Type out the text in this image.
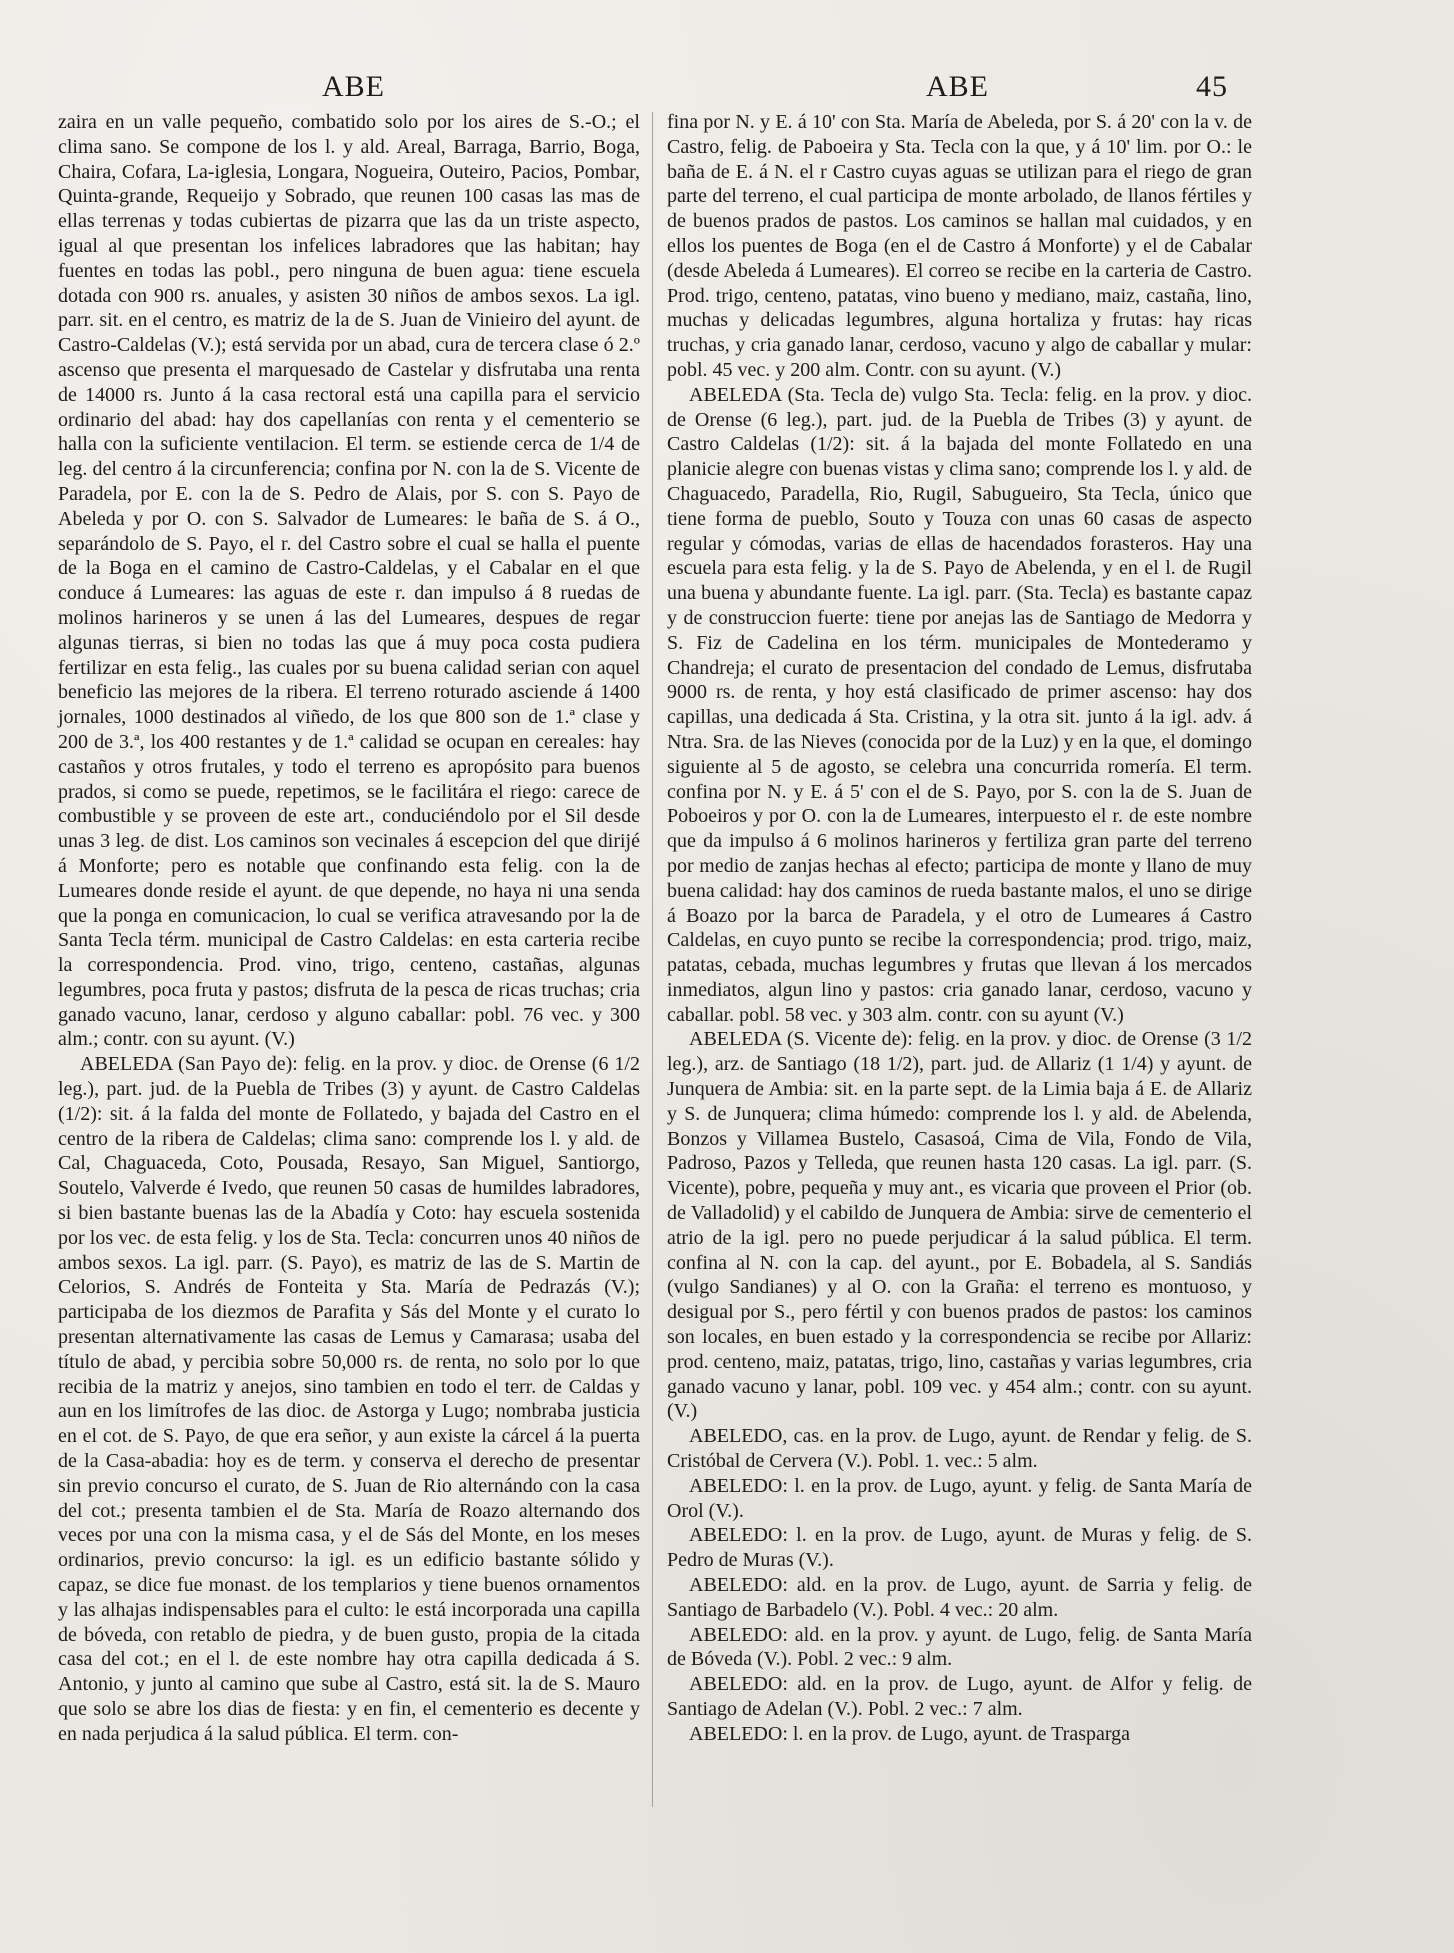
ABE	ABE	45

zaira en un valle pequeño, combatido solo por los aires de S.-O.; el clima sano. Se compone de los l. y ald. Areal, Barraga, Barrio, Boga, Chaira, Cofara, La-iglesia, Longara, Nogueira, Outeiro, Pacios, Pombar, Quinta-grande, Requeijo y Sobrado, que reunen 100 casas las mas de ellas terrenas y todas cubiertas de pizarra que las da un triste aspecto, igual al que presentan los infelices labradores que las habitan; hay fuentes en todas las pobl., pero ninguna de buen agua: tiene escuela dotada con 900 rs. anuales, y asisten 30 niños de ambos sexos. La igl. parr. sit. en el centro, es matriz de la de S. Juan de Vinieiro del ayunt. de Castro-Caldelas (V.); está servida por un abad, cura de tercera clase ó 2.º ascenso que presenta el marquesado de Castelar y disfrutaba una renta de 14000 rs. Junto á la casa rectoral está una capilla para el servicio ordinario del abad: hay dos capellanías con renta y el cementerio se halla con la suficiente ventilacion. El term. se estiende cerca de 1/4 de leg. del centro á la circunferencia; confina por N. con la de S. Vicente de Paradela, por E. con la de S. Pedro de Alais, por S. con S. Payo de Abeleda y por O. con S. Salvador de Lumeares: le baña de S. á O., separándolo de S. Payo, el r. del Castro sobre el cual se halla el puente de la Boga en el camino de Castro-Caldelas, y el Cabalar en el que conduce á Lumeares: las aguas de este r. dan impulso á 8 ruedas de molinos harineros y se unen á las del Lumeares, despues de regar algunas tierras, si bien no todas las que á muy poca costa pudiera fertilizar en esta felig., las cuales por su buena calidad serian con aquel beneficio las mejores de la ribera. El terreno roturado asciende á 1400 jornales, 1000 destinados al viñedo, de los que 800 son de 1.ª clase y 200 de 3.ª, los 400 restantes y de 1.ª calidad se ocupan en cereales: hay castaños y otros frutales, y todo el terreno es apropósito para buenos prados, si como se puede, repetimos, se le facilitára el riego: carece de combustible y se proveen de este art., conduciéndolo por el Sil desde unas 3 leg. de dist. Los caminos son vecinales á escepcion del que dirijé á Monforte; pero es notable que confinando esta felig. con la de Lumeares donde reside el ayunt. de que depende, no haya ni una senda que la ponga en comunicacion, lo cual se verifica atravesando por la de Santa Tecla térm. municipal de Castro Caldelas: en esta carteria recibe la correspondencia. Prod. vino, trigo, centeno, castañas, algunas legumbres, poca fruta y pastos; disfruta de la pesca de ricas truchas; cria ganado vacuno, lanar, cerdoso y alguno caballar: pobl. 76 vec. y 300 alm.; contr. con su ayunt. (V.)

ABELEDA (San Payo de): felig. en la prov. y dioc. de Orense (6 1/2 leg.), part. jud. de la Puebla de Tribes (3) y ayunt. de Castro Caldelas (1/2): sit. á la falda del monte de Follatedo, y bajada del Castro en el centro de la ribera de Caldelas; clima sano: comprende los l. y ald. de Cal, Chaguaceda, Coto, Pousada, Resayo, San Miguel, Santiorgo, Soutelo, Valverde é Ivedo, que reunen 50 casas de humildes labradores, si bien bastante buenas las de la Abadía y Coto: hay escuela sostenida por los vec. de esta felig. y los de Sta. Tecla: concurren unos 40 niños de ambos sexos. La igl. parr. (S. Payo), es matriz de las de S. Martin de Celorios, S. Andrés de Fonteita y Sta. María de Pedrazás (V.); participaba de los diezmos de Parafita y Sás del Monte y el curato lo presentan alternativamente las casas de Lemus y Camarasa; usaba del título de abad, y percibia sobre 50,000 rs. de renta, no solo por lo que recibia de la matriz y anejos, sino tambien en todo el terr. de Caldas y aun en los limítrofes de las dioc. de Astorga y Lugo; nombraba justicia en el cot. de S. Payo, de que era señor, y aun existe la cárcel á la puerta de la Casa-abadia: hoy es de term. y conserva el derecho de presentar sin previo concurso el curato, de S. Juan de Rio alternándo con la casa del cot.; presenta tambien el de Sta. María de Roazo alternando dos veces por una con la misma casa, y el de Sás del Monte, en los meses ordinarios, previo concurso: la igl. es un edificio bastante sólido y capaz, se dice fue monast. de los templarios y tiene buenos ornamentos y las alhajas indispensables para el culto: le está incorporada una capilla de bóveda, con retablo de piedra, y de buen gusto, propia de la citada casa del cot.; en el l. de este nombre hay otra capilla dedicada á S. Antonio, y junto al camino que sube al Castro, está sit. la de S. Mauro que solo se abre los dias de fiesta: y en fin, el cementerio es decente y en nada perjudica á la salud pública. El term. con-

fina por N. y E. á 10' con Sta. María de Abeleda, por S. á 20' con la v. de Castro, felig. de Paboeira y Sta. Tecla con la que, y á 10' lim. por O.: le baña de E. á N. el r Castro cuyas aguas se utilizan para el riego de gran parte del terreno, el cual participa de monte arbolado, de llanos fértiles y de buenos prados de pastos. Los caminos se hallan mal cuidados, y en ellos los puentes de Boga (en el de Castro á Monforte) y el de Cabalar (desde Abeleda á Lumeares). El correo se recibe en la carteria de Castro. Prod. trigo, centeno, patatas, vino bueno y mediano, maiz, castaña, lino, muchas y delicadas legumbres, alguna hortaliza y frutas: hay ricas truchas, y cria ganado lanar, cerdoso, vacuno y algo de caballar y mular: pobl. 45 vec. y 200 alm. Contr. con su ayunt. (V.)

ABELEDA (Sta. Tecla de) vulgo Sta. Tecla: felig. en la prov. y dioc. de Orense (6 leg.), part. jud. de la Puebla de Tribes (3) y ayunt. de Castro Caldelas (1/2): sit. á la bajada del monte Follatedo en una planicie alegre con buenas vistas y clima sano; comprende los l. y ald. de Chaguacedo, Paradella, Rio, Rugil, Sabugueiro, Sta Tecla, único que tiene forma de pueblo, Souto y Touza con unas 60 casas de aspecto regular y cómodas, varias de ellas de hacendados forasteros. Hay una escuela para esta felig. y la de S. Payo de Abelenda, y en el l. de Rugil una buena y abundante fuente. La igl. parr. (Sta. Tecla) es bastante capaz y de construccion fuerte: tiene por anejas las de Santiago de Medorra y S. Fiz de Cadelina en los térm. municipales de Montederamo y Chandreja; el curato de presentacion del condado de Lemus, disfrutaba 9000 rs. de renta, y hoy está clasificado de primer ascenso: hay dos capillas, una dedicada á Sta. Cristina, y la otra sit. junto á la igl. adv. á Ntra. Sra. de las Nieves (conocida por de la Luz) y en la que, el domingo siguiente al 5 de agosto, se celebra una concurrida romería. El term. confina por N. y E. á 5' con el de S. Payo, por S. con la de S. Juan de Poboeiros y por O. con la de Lumeares, interpuesto el r. de este nombre que da impulso á 6 molinos harineros y fertiliza gran parte del terreno por medio de zanjas hechas al efecto; participa de monte y llano de muy buena calidad: hay dos caminos de rueda bastante malos, el uno se dirige á Boazo por la barca de Paradela, y el otro de Lumeares á Castro Caldelas, en cuyo punto se recibe la correspondencia; prod. trigo, maiz, patatas, cebada, muchas legumbres y frutas que llevan á los mercados inmediatos, algun lino y pastos: cria ganado lanar, cerdoso, vacuno y caballar. pobl. 58 vec. y 303 alm. contr. con su ayunt (V.)

ABELEDA (S. Vicente de): felig. en la prov. y dioc. de Orense (3 1/2 leg.), arz. de Santiago (18 1/2), part. jud. de Allariz (1 1/4) y ayunt. de Junquera de Ambia: sit. en la parte sept. de la Limia baja á E. de Allariz y S. de Junquera; clima húmedo: comprende los l. y ald. de Abelenda, Bonzos y Villamea Bustelo, Casasoá, Cima de Vila, Fondo de Vila, Padroso, Pazos y Telleda, que reunen hasta 120 casas. La igl. parr. (S. Vicente), pobre, pequeña y muy ant., es vicaria que proveen el Prior (ob. de Valladolid) y el cabildo de Junquera de Ambia: sirve de cementerio el atrio de la igl. pero no puede perjudicar á la salud pública. El term. confina al N. con la cap. del ayunt., por E. Bobadela, al S. Sandiás (vulgo Sandianes) y al O. con la Graña: el terreno es montuoso, y desigual por S., pero fértil y con buenos prados de pastos: los caminos son locales, en buen estado y la correspondencia se recibe por Allariz: prod. centeno, maiz, patatas, trigo, lino, castañas y varias legumbres, cria ganado vacuno y lanar, pobl. 109 vec. y 454 alm.; contr. con su ayunt. (V.)

ABELEDO, cas. en la prov. de Lugo, ayunt. de Rendar y felig. de S. Cristóbal de Cervera (V.). Pobl. 1. vec.: 5 alm.

ABELEDO: l. en la prov. de Lugo, ayunt. y felig. de Santa María de Orol (V.).

ABELEDO: l. en la prov. de Lugo, ayunt. de Muras y felig. de S. Pedro de Muras (V.).

ABELEDO: ald. en la prov. de Lugo, ayunt. de Sarria y felig. de Santiago de Barbadelo (V.). Pobl. 4 vec.: 20 alm.

ABELEDO: ald. en la prov. y ayunt. de Lugo, felig. de Santa María de Bóveda (V.). Pobl. 2 vec.: 9 alm.

ABELEDO: ald. en la prov. de Lugo, ayunt. de Alfor y felig. de Santiago de Adelan (V.). Pobl. 2 vec.: 7 alm.

ABELEDO: l. en la prov. de Lugo, ayunt. de Trasparga
